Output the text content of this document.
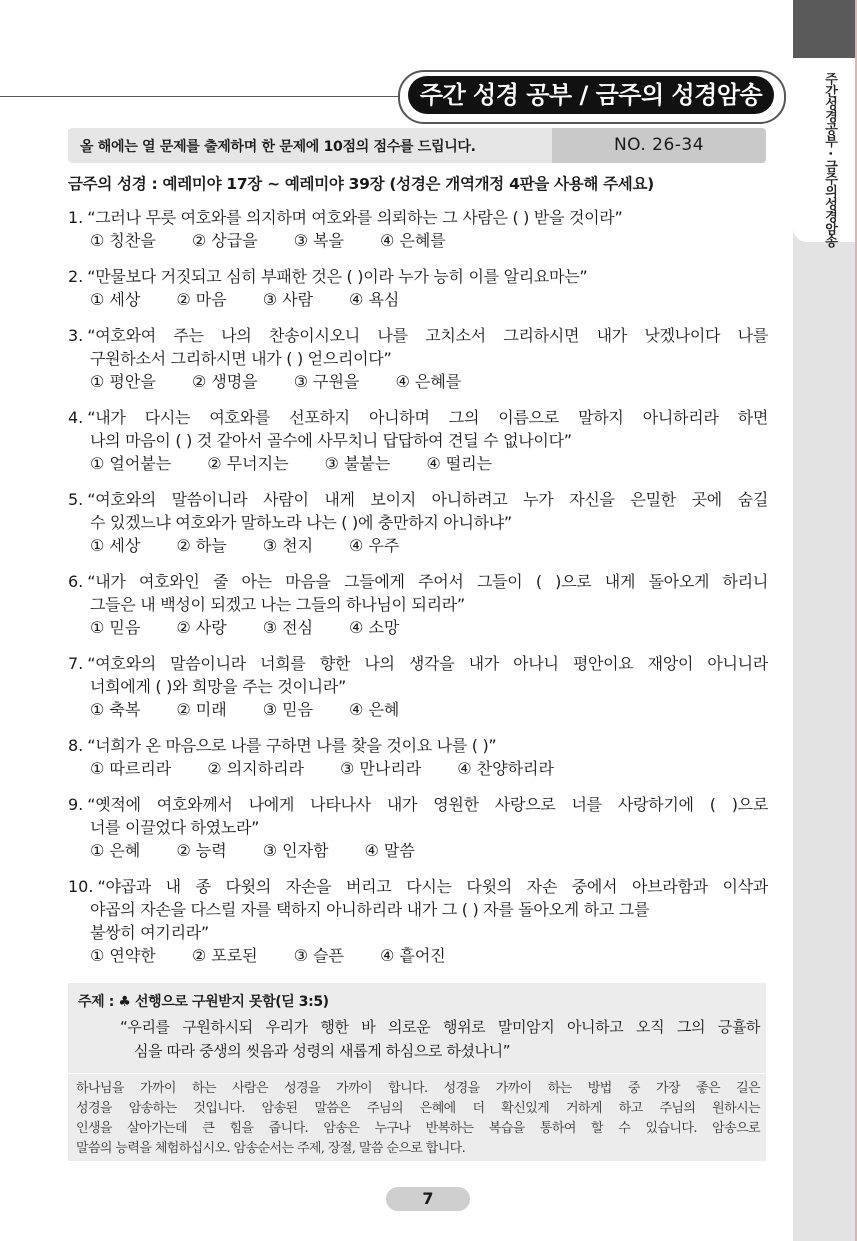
주간성경공부 · 금주의성경암송
주간 성경 공부 / 금주의 성경암송
올 해에는 열 문제를 출제하며 한 문제에 10점의 점수를 드립니다.	NO. 26-34
금주의 성경 : 예레미야 17장 ~ 예레미야 39장 (성경은 개역개정 4판을 사용해 주세요)
1. “그러나 무릇 여호와를 의지하며 여호와를 의뢰하는 그 사람은 ( ) 받을 것이라”
① 칭찬을 ② 상급을 ③ 복을 ④ 은혜를
2. “만물보다 거짓되고 심히 부패한 것은 ( )이라 누가 능히 이를 알리요마는”
① 세상 ② 마음 ③ 사람 ④ 욕심
3. “여호와여 주는 나의 찬송이시오니 나를 고치소서 그리하시면 내가 낫겠나이다 나를
구원하소서 그리하시면 내가 ( ) 얻으리이다”
① 평안을 ② 생명을 ③ 구원을 ④ 은혜를
4. “내가 다시는 여호와를 선포하지 아니하며 그의 이름으로 말하지 아니하리라 하면
나의 마음이 ( ) 것 같아서 골수에 사무치니 답답하여 견딜 수 없나이다”
① 얼어붙는 ② 무너지는 ③ 불붙는 ④ 떨리는
5. “여호와의 말씀이니라 사람이 내게 보이지 아니하려고 누가 자신을 은밀한 곳에 숨길
수 있겠느냐 여호와가 말하노라 나는 ( )에 충만하지 아니하냐”
① 세상 ② 하늘 ③ 천지 ④ 우주
6. “내가 여호와인 줄 아는 마음을 그들에게 주어서 그들이 ( )으로 내게 돌아오게 하리니
그들은 내 백성이 되겠고 나는 그들의 하나님이 되리라”
① 믿음 ② 사랑 ③ 전심 ④ 소망
7. “여호와의 말씀이니라 너희를 향한 나의 생각을 내가 아나니 평안이요 재앙이 아니니라
너희에게 ( )와 희망을 주는 것이니라”
① 축복 ② 미래 ③ 믿음 ④ 은혜
8. “너희가 온 마음으로 나를 구하면 나를 찾을 것이요 나를 ( )”
① 따르리라 ② 의지하리라 ③ 만나리라 ④ 찬양하리라
9. “옛적에 여호와께서 나에게 나타나사 내가 영원한 사랑으로 너를 사랑하기에 ( )으로
너를 이끌었다 하였노라”
① 은혜 ② 능력 ③ 인자함 ④ 말씀
10. “야곱과 내 종 다윗의 자손을 버리고 다시는 다윗의 자손 중에서 아브라함과 이삭과
야곱의 자손을 다스릴 자를 택하지 아니하리라 내가 그 ( ) 자를 돌아오게 하고 그를
불쌍히 여기리라”
① 연약한 ② 포로된 ③ 슬픈 ④ 흩어진
주제 : ♣ 선행으로 구원받지 못함(딛 3:5)
“우리를 구원하시되 우리가 행한 바 의로운 행위로 말미암지 아니하고 오직 그의 긍휼하
심을 따라 중생의 씻음과 성령의 새롭게 하심으로 하셨나니”
하나님을 가까이 하는 사람은 성경을 가까이 합니다. 성경을 가까이 하는 방법 중 가장 좋은 길은
성경을 암송하는 것입니다. 암송된 말씀은 주님의 은혜에 더 확신있게 거하게 하고 주님의 원하시는
인생을 살아가는데 큰 힘을 줍니다. 암송은 누구나 반복하는 복습을 통하여 할 수 있습니다. 암송으로
말씀의 능력을 체험하십시오. 암송순서는 주제, 장절, 말씀 순으로 합니다.
7
